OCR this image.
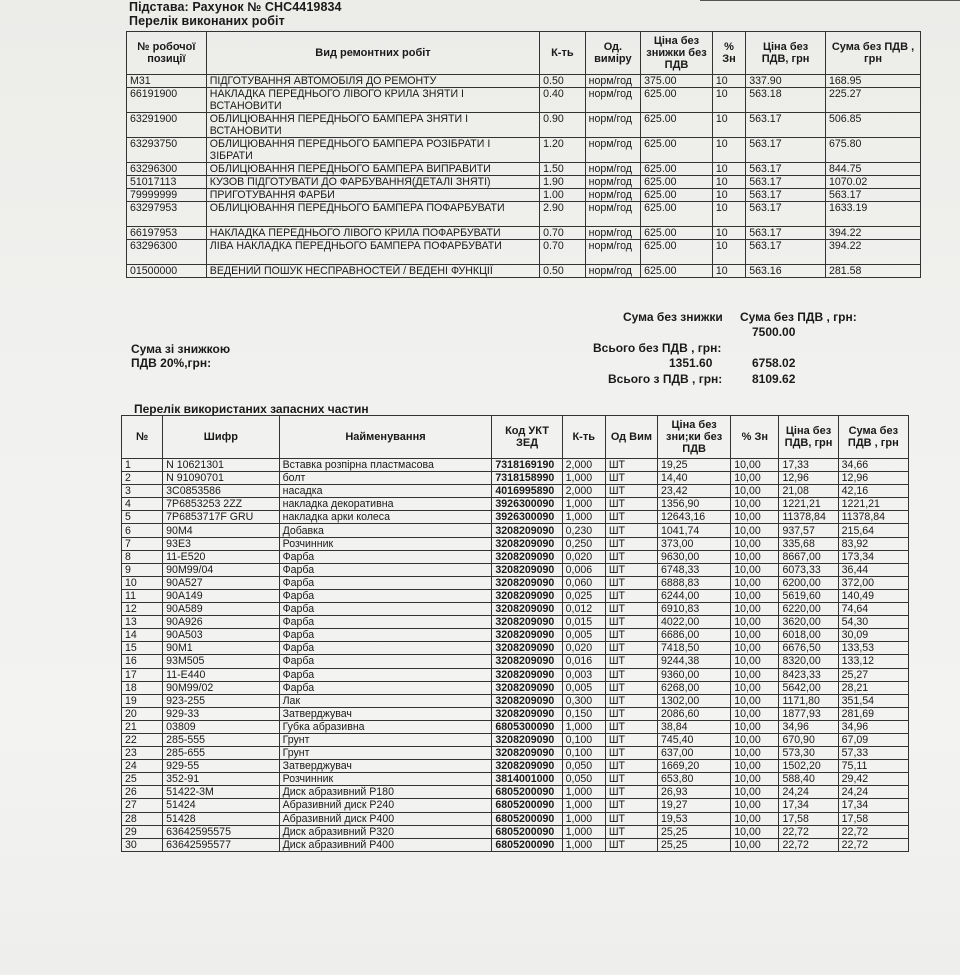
Підстава: Рахунок № CHC4419834
Перелік виконаних робіт
№ робочої позиції	Вид ремонтних робіт	К-ть	Од. виміру	Ціна без знижки без ПДВ	% Зн	Ціна без ПДВ, грн	Сума без ПДВ , грн
M31	ПІДГОТУВАННЯ АВТОМОБІЛЯ ДО РЕМОНТУ	0.50	норм/год	375.00	10	337.90	168.95
66191900	НАКЛАДКА ПЕРЕДНЬОГО ЛІВОГО КРИЛА ЗНЯТИ І ВСТАНОВИТИ	0.40	норм/год	625.00	10	563.18	225.27
63291900	ОБЛИЦЮВАННЯ ПЕРЕДНЬОГО БАМПЕРА ЗНЯТИ І ВСТАНОВИТИ	0.90	норм/год	625.00	10	563.17	506.85
63293750	ОБЛИЦЮВАННЯ ПЕРЕДНЬОГО БАМПЕРА РОЗІБРАТИ І ЗІБРАТИ	1.20	норм/год	625.00	10	563.17	675.80
63296300	ОБЛИЦЮВАННЯ ПЕРЕДНЬОГО БАМПЕРА ВИПРАВИТИ	1.50	норм/год	625.00	10	563.17	844.75
51017113	КУЗОВ ПІДГОТУВАТИ ДО ФАРБУВАННЯ(ДЕТАЛІ ЗНЯТІ)	1.90	норм/год	625.00	10	563.17	1070.02
79999999	ПРИГОТУВАННЯ ФАРБИ	1.00	норм/год	625.00	10	563.17	563.17
63297953	ОБЛИЦЮВАННЯ ПЕРЕДНЬОГО БАМПЕРА ПОФАРБУВАТИ	2.90	норм/год	625.00	10	563.17	1633.19
66197953	НАКЛАДКА ПЕРЕДНЬОГО ЛІВОГО КРИЛА ПОФАРБУВАТИ	0.70	норм/год	625.00	10	563.17	394.22
63296300	ЛІВА НАКЛАДКА ПЕРЕДНЬОГО БАМПЕРА ПОФАРБУВАТИ	0.70	норм/год	625.00	10	563.17	394.22
01500000	ВЕДЕНИЙ ПОШУК НЕСПРАВНОСТЕЙ / ВЕДЕНІ ФУНКЦІЇ	0.50	норм/год	625.00	10	563.16	281.58
Сума без знижки Сума без ПДВ , грн:
7500.00
Сума зі знижкою
ПДВ 20%,грн:
Всього без ПДВ , грн:
1351.60	6758.02
Всього з ПДВ , грн: 8109.62
Перелік використаних запасних частин
№	Шифр	Найменування	Код УКТ ЗЕД	К-ть	Од Вим	Ціна без зни;ки без ПДВ	% Зн	Ціна без ПДВ, грн	Сума без ПДВ , грн
1	N 10621301	Вставка розпірна пластмасова	7318169190	2,000	ШТ	19,25	10,00	17,33	34,66
2	N 91090701	болт	7318158990	1,000	ШТ	14,40	10,00	12,96	12,96
3	3C0853586	насадка	4016995890	2,000	ШТ	23,42	10,00	21,08	42,16
4	7P6853253 2ZZ	накладка декоративна	3926300090	1,000	ШТ	1356,90	10,00	1221,21	1221,21
5	7P6853717F GRU	накладка арки колеса	3926300090	1,000	ШТ	12643,16	10,00	11378,84	11378,84
6	90M4	Добавка	3208209090	0,230	ШТ	1041,74	10,00	937,57	215,64
7	93E3	Розчинник	3208209090	0,250	ШТ	373,00	10,00	335,68	83,92
8	11-E520	Фарба	3208209090	0,020	ШТ	9630,00	10,00	8667,00	173,34
9	90M99/04	Фарба	3208209090	0,006	ШТ	6748,33	10,00	6073,33	36,44
10	90A527	Фарба	3208209090	0,060	ШТ	6888,83	10,00	6200,00	372,00
11	90A149	Фарба	3208209090	0,025	ШТ	6244,00	10,00	5619,60	140,49
12	90A589	Фарба	3208209090	0,012	ШТ	6910,83	10,00	6220,00	74,64
13	90A926	Фарба	3208209090	0,015	ШТ	4022,00	10,00	3620,00	54,30
14	90A503	Фарба	3208209090	0,005	ШТ	6686,00	10,00	6018,00	30,09
15	90M1	Фарба	3208209090	0,020	ШТ	7418,50	10,00	6676,50	133,53
16	93M505	Фарба	3208209090	0,016	ШТ	9244,38	10,00	8320,00	133,12
17	11-E440	Фарба	3208209090	0,003	ШТ	9360,00	10,00	8423,33	25,27
18	90M99/02	Фарба	3208209090	0,005	ШТ	6268,00	10,00	5642,00	28,21
19	923-255	Лак	3208209090	0,300	ШТ	1302,00	10,00	1171,80	351,54
20	929-33	Затверджувач	3208209090	0,150	ШТ	2086,60	10,00	1877,93	281,69
21	03809	Губка абразивна	6805300090	1,000	ШТ	38,84	10,00	34,96	34,96
22	285-555	Грунт	3208209090	0,100	ШТ	745,40	10,00	670,90	67,09
23	285-655	Грунт	3208209090	0,100	ШТ	637,00	10,00	573,30	57,33
24	929-55	Затверджувач	3208209090	0,050	ШТ	1669,20	10,00	1502,20	75,11
25	352-91	Розчинник	3814001000	0,050	ШТ	653,80	10,00	588,40	29,42
26	51422-3M	Диск абразивний P180	6805200090	1,000	ШТ	26,93	10,00	24,24	24,24
27	51424	Абразивний диск P240	6805200090	1,000	ШТ	19,27	10,00	17,34	17,34
28	51428	Абразивний диск P400	6805200090	1,000	ШТ	19,53	10,00	17,58	17,58
29	63642595575	Диск абразивний P320	6805200090	1,000	ШТ	25,25	10,00	22,72	22,72
30	63642595577	Диск абразивний P400	6805200090	1,000	ШТ	25,25	10,00	22,72	22,72
